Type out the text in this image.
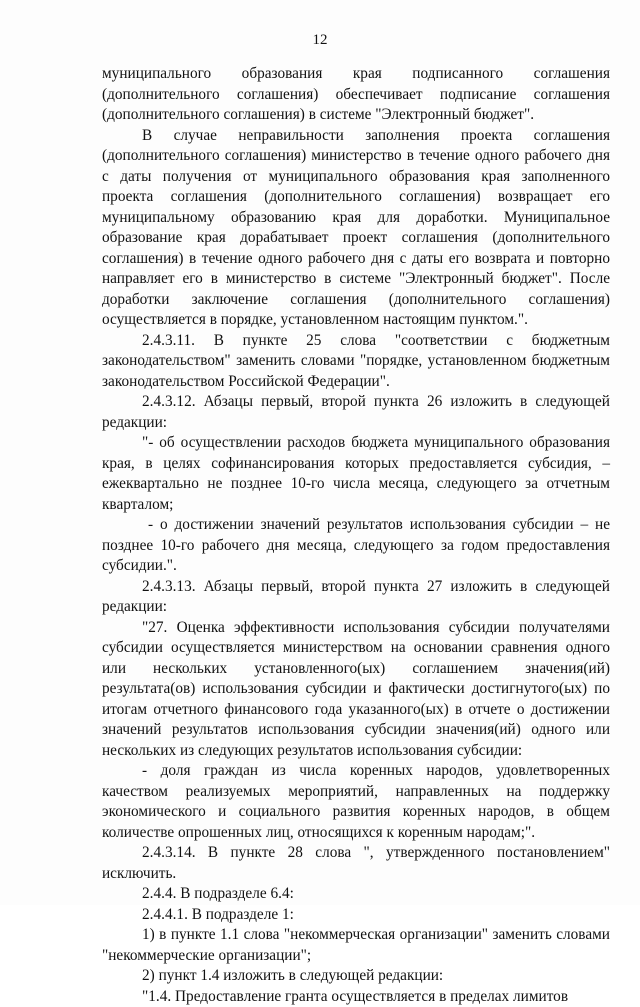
12

муниципального образования края подписанного соглашения (дополнительного соглашения) обеспечивает подписание соглашения (дополнительного соглашения) в системе "Электронный бюджет".

В случае неправильности заполнения проекта соглашения (дополнительного соглашения) министерство в течение одного рабочего дня с даты получения от муниципального образования края заполненного проекта соглашения (дополнительного соглашения) возвращает его муниципальному образованию края для доработки. Муниципальное образование края дорабатывает проект соглашения (дополнительного соглашения) в течение одного рабочего дня с даты его возврата и повторно направляет его в министерство в системе "Электронный бюджет". После доработки заключение соглашения (дополнительного соглашения) осуществляется в порядке, установленном настоящим пунктом.".

2.4.3.11. В пункте 25 слова "соответствии с бюджетным законодательством" заменить словами "порядке, установленном бюджетным законодательством Российской Федерации".

2.4.3.12. Абзацы первый, второй пункта 26 изложить в следующей редакции:

"- об осуществлении расходов бюджета муниципального образования края, в целях софинансирования которых предоставляется субсидия, – ежеквартально не позднее 10-го числа месяца, следующего за отчетным кварталом;

- о достижении значений результатов использования субсидии – не позднее 10-го рабочего дня месяца, следующего за годом предоставления субсидии.".

2.4.3.13. Абзацы первый, второй пункта 27 изложить в следующей редакции:

"27. Оценка эффективности использования субсидии получателями субсидии осуществляется министерством на основании сравнения одного или нескольких установленного(ых) соглашением значения(ий) результата(ов) использования субсидии и фактически достигнутого(ых) по итогам отчетного финансового года указанного(ых) в отчете о достижении значений результатов использования субсидии значения(ий) одного или нескольких из следующих результатов использования субсидии:

- доля граждан из числа коренных народов, удовлетворенных качеством реализуемых мероприятий, направленных на поддержку экономического и социального развития коренных народов, в общем количестве опрошенных лиц, относящихся к коренным народам;".

2.4.3.14. В пункте 28 слова ", утвержденного постановлением" исключить.

2.4.4. В подразделе 6.4:

2.4.4.1. В подразделе 1:

1) в пункте 1.1 слова "некоммерческая организации" заменить словами "некоммерческие организации";

2) пункт 1.4 изложить в следующей редакции:

"1.4. Предоставление гранта осуществляется в пределах лимитов
